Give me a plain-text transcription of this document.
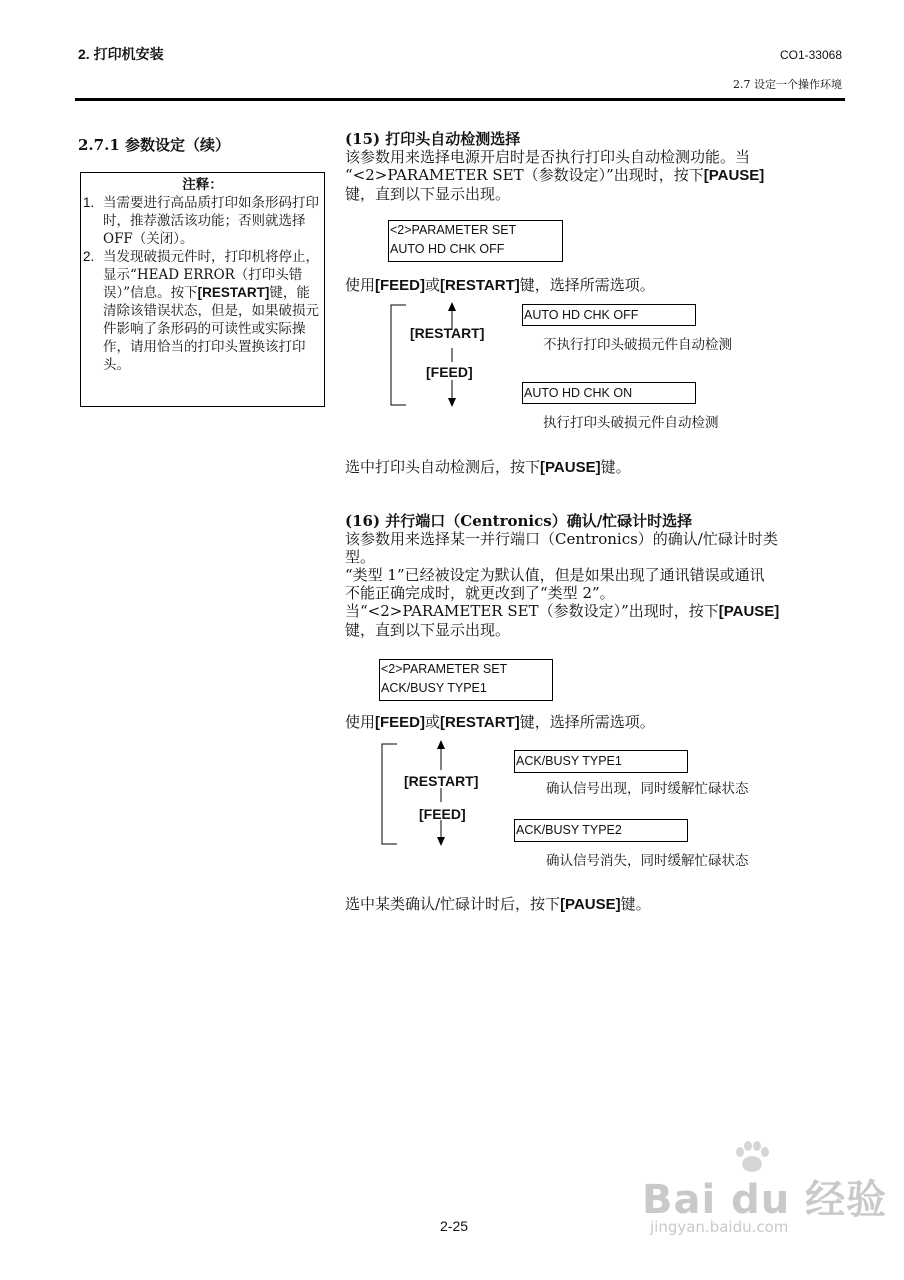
2. 打印机安装	CO1-33068
2.7 设定一个操作环境
2.7.1 参数设定（续）
注释：
1. 当需要进行高品质打印如条形码打印时，推荐激活该功能；否则就选择 OFF（关闭）。
2. 当发现破损元件时，打印机将停止，显示“HEAD ERROR（打印头错误）”信息。按下[RESTART]键，能清除该错误状态，但是，如果破损元件影响了条形码的可读性或实际操作，请用恰当的打印头置换该打印头。
(15) 打印头自动检测选择
该参数用来选择电源开启时是否执行打印头自动检测功能。当
“<2>PARAMETER SET（参数设定）”出现时，按下[PAUSE]
键，直到以下显示出现。
<2>PARAMETER SET
AUTO HD CHK OFF
使用[FEED]或[RESTART]键，选择所需选项。
[RESTART]
[FEED]
AUTO HD CHK OFF
不执行打印头破损元件自动检测
AUTO HD CHK ON
执行打印头破损元件自动检测
选中打印头自动检测后，按下[PAUSE]键。
(16) 并行端口（Centronics）确认/忙碌计时选择
该参数用来选择某一并行端口（Centronics）的确认/忙碌计时类
型。
“类型 1”已经被设定为默认值，但是如果出现了通讯错误或通讯
不能正确完成时，就更改到了“类型 2”。
当“<2>PARAMETER SET（参数设定）”出现时，按下[PAUSE]
键，直到以下显示出现。
<2>PARAMETER SET
ACK/BUSY TYPE1
使用[FEED]或[RESTART]键，选择所需选项。
[RESTART]
[FEED]
ACK/BUSY TYPE1
确认信号出现，同时缓解忙碌状态
ACK/BUSY TYPE2
确认信号消失，同时缓解忙碌状态
选中某类确认/忙碌计时后，按下[PAUSE]键。
Bai du 经验
jingyan.baidu.com
2-25
